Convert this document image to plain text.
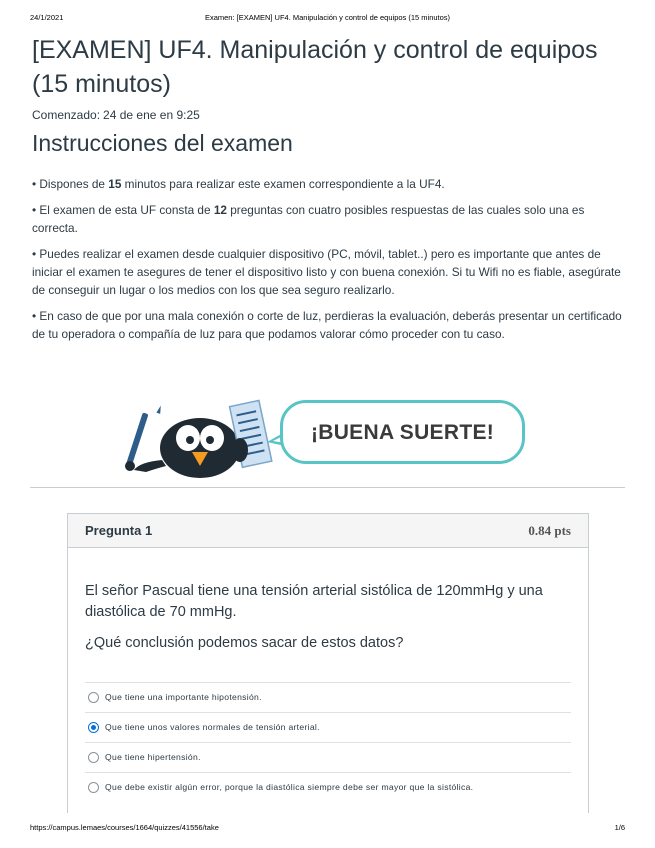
24/1/2021	Examen: [EXAMEN] UF4. Manipulación y control de equipos (15 minutos)
[EXAMEN] UF4. Manipulación y control de equipos (15 minutos)
Comenzado: 24 de ene en 9:25
Instrucciones del examen

• Dispones de 15 minutos para realizar este examen correspondiente a la UF4.

• El examen de esta UF consta de 12 preguntas con cuatro posibles respuestas de las cuales solo una es correcta.

• Puedes realizar el examen desde cualquier dispositivo (PC, móvil, tablet..) pero es importante que antes de iniciar el examen te asegures de tener el dispositivo listo y con buena conexión. Si tu Wifi no es fiable, asegúrate de conseguir un lugar o los medios con los que sea seguro realizarlo.

• En caso de que por una mala conexión o corte de luz, perdieras la evaluación, deberás presentar un certificado de tu operadora o compañía de luz para que podamos valorar cómo proceder con tu caso.

¡BUENA SUERTE!
Pregunta 1	0.84 pts

El señor Pascual tiene una tensión arterial sistólica de 120mmHg y una diastólica de 70 mmHg.

¿Qué conclusión podemos sacar de estos datos?

Que tiene una importante hipotensión.
Que tiene unos valores normales de tensión arterial.
Que tiene hipertensión.
Que debe existir algún error, porque la diastólica siempre debe ser mayor que la sistólica.
https://campus.lemaes/courses/1664/quizzes/41556/take	1/6
